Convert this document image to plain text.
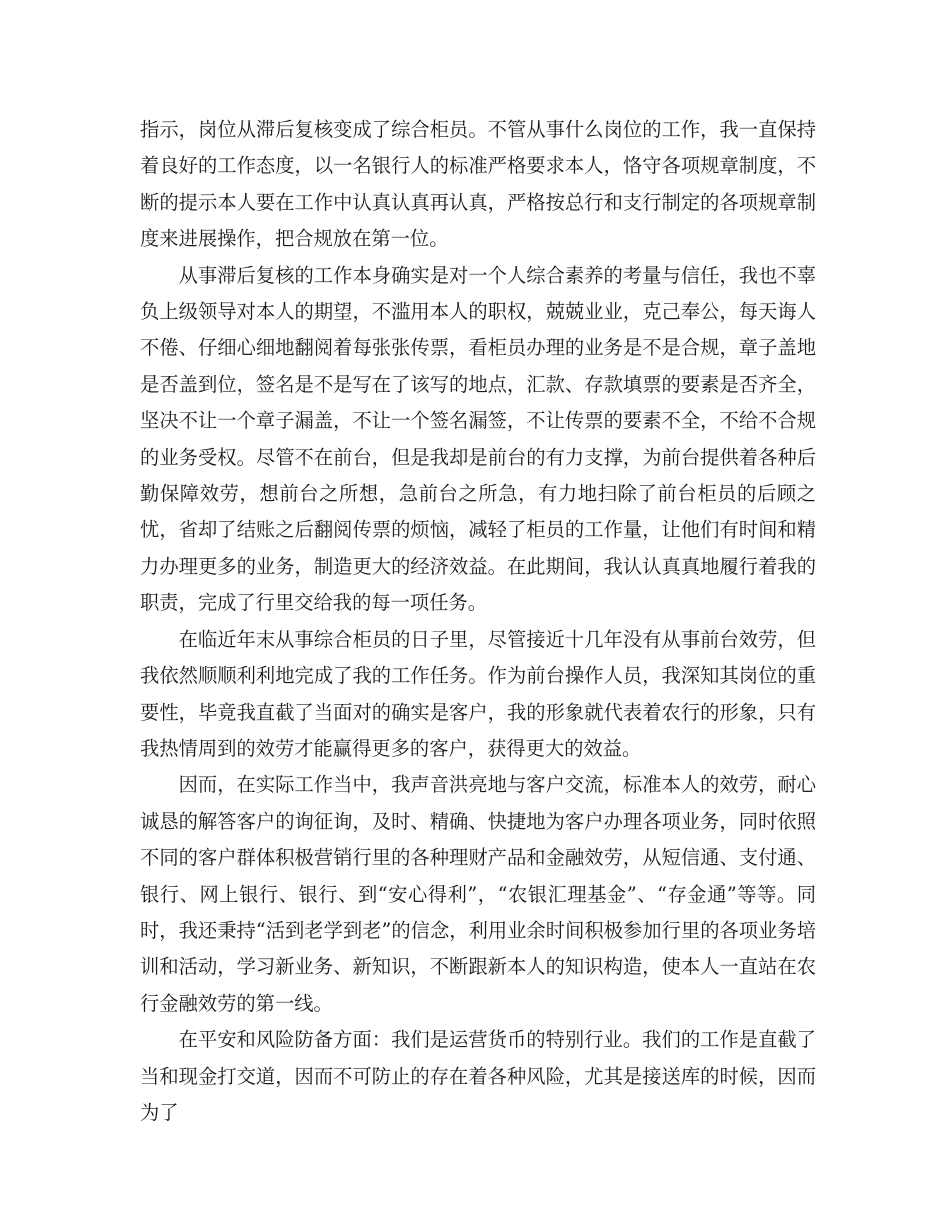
指示，岗位从滞后复核变成了综合柜员。不管从事什么岗位的工作，我一直保持着良好的工作态度，以一名银行人的标准严格要求本人，恪守各项规章制度，不断的提示本人要在工作中认真认真再认真，严格按总行和支行制定的各项规章制度来进展操作，把合规放在第一位。

从事滞后复核的工作本身确实是对一个人综合素养的考量与信任，我也不辜负上级领导对本人的期望，不滥用本人的职权，兢兢业业，克己奉公，每天诲人不倦、仔细心细地翻阅着每张张传票，看柜员办理的业务是不是合规，章子盖地是否盖到位，签名是不是写在了该写的地点，汇款、存款填票的要素是否齐全，坚决不让一个章子漏盖，不让一个签名漏签，不让传票的要素不全，不给不合规的业务受权。尽管不在前台，但是我却是前台的有力支撑，为前台提供着各种后勤保障效劳，想前台之所想，急前台之所急，有力地扫除了前台柜员的后顾之忧，省却了结账之后翻阅传票的烦恼，减轻了柜员的工作量，让他们有时间和精力办理更多的业务，制造更大的经济效益。在此期间，我认认真真地履行着我的职责，完成了行里交给我的每一项任务。

在临近年末从事综合柜员的日子里，尽管接近十几年没有从事前台效劳，但我依然顺顺利利地完成了我的工作任务。作为前台操作人员，我深知其岗位的重要性，毕竟我直截了当面对的确实是客户，我的形象就代表着农行的形象，只有我热情周到的效劳才能赢得更多的客户，获得更大的效益。

因而，在实际工作当中，我声音洪亮地与客户交流，标准本人的效劳，耐心诚恳的解答客户的询征询，及时、精确、快捷地为客户办理各项业务，同时依照不同的客户群体积极营销行里的各种理财产品和金融效劳，从短信通、支付通、银行、网上银行、银行、到“安心得利”，“农银汇理基金”、“存金通”等等。同时，我还秉持“活到老学到老”的信念，利用业余时间积极参加行里的各项业务培训和活动，学习新业务、新知识，不断跟新本人的知识构造，使本人一直站在农行金融效劳的第一线。

在平安和风险防备方面：我们是运营货币的特别行业。我们的工作是直截了当和现金打交道，因而不可防止的存在着各种风险，尤其是接送库的时候，因而为了
